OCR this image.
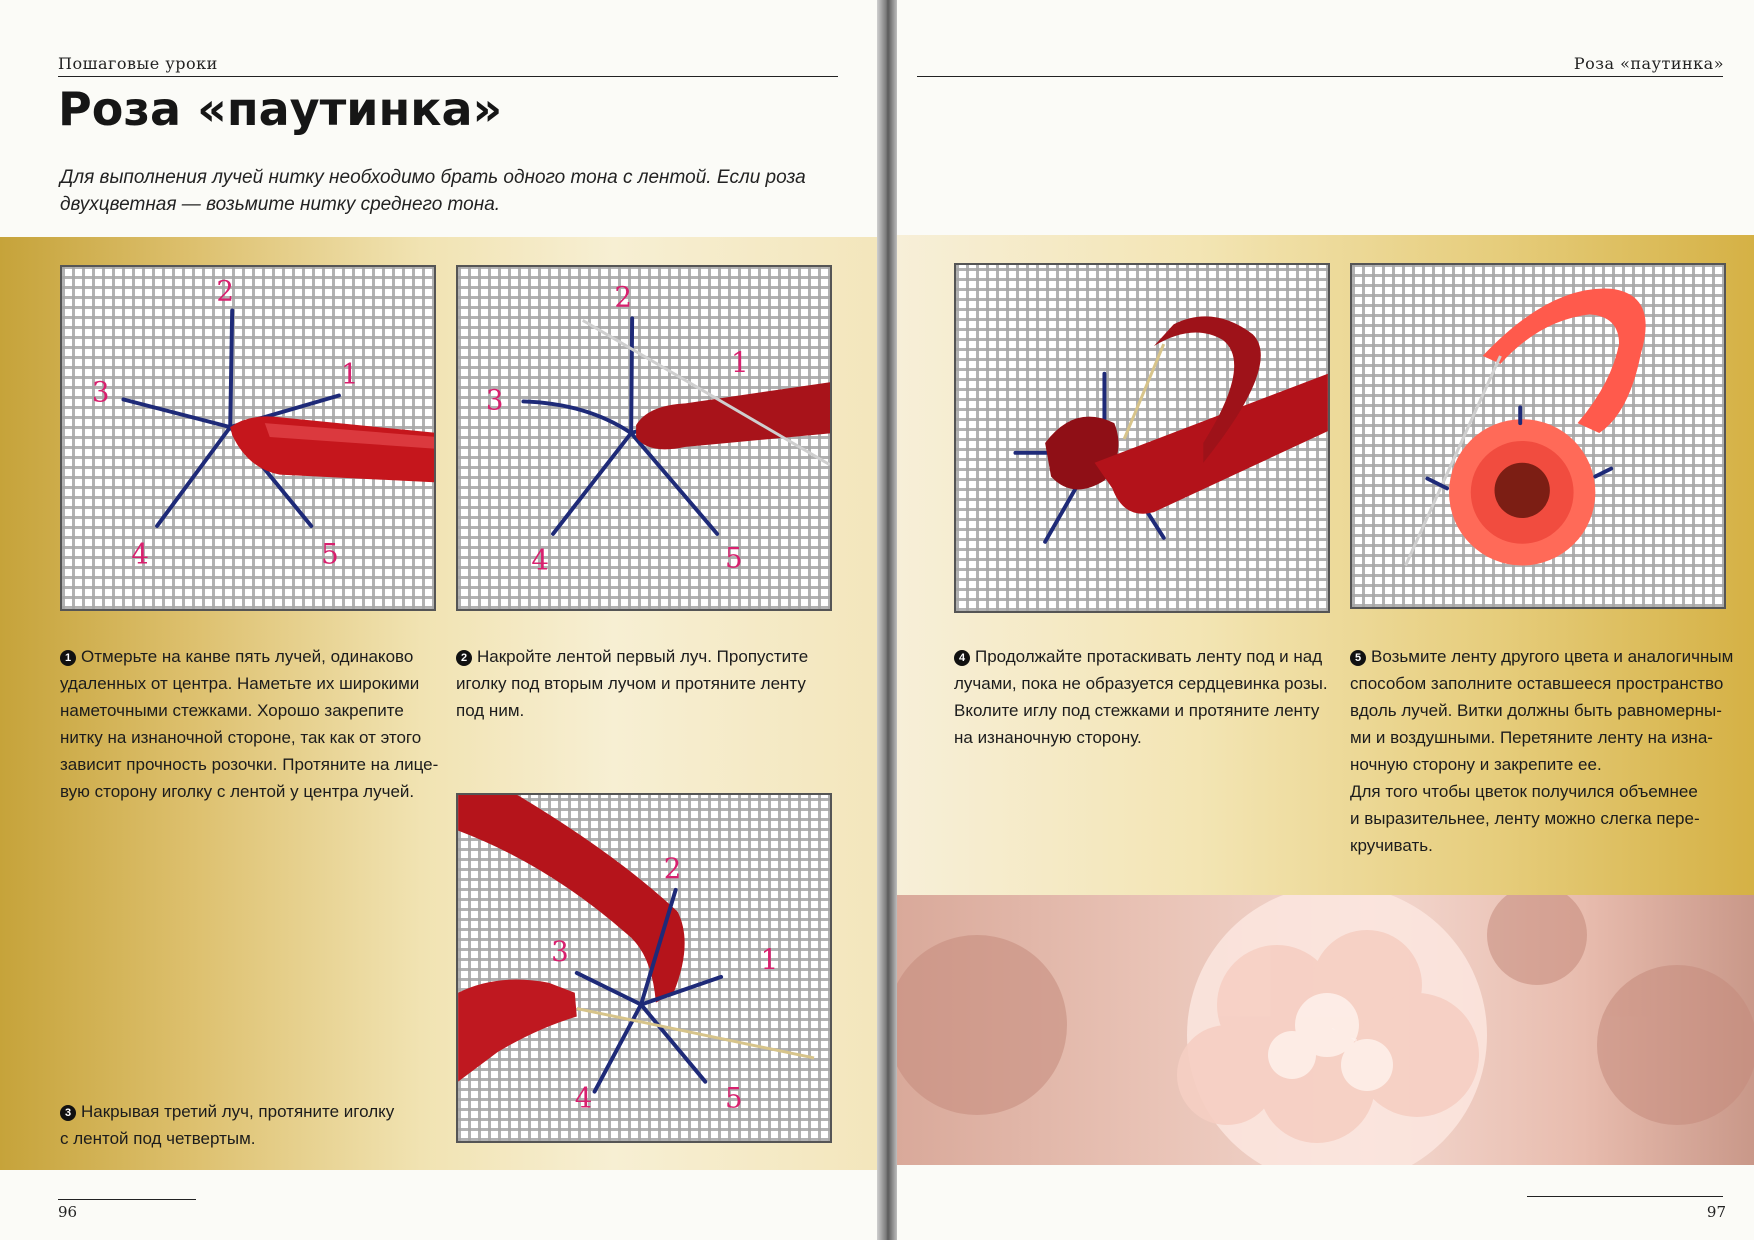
Пошаговые уроки
Роза «паутинка»

Для выполнения лучей нитку необходимо брать одного тона с лентой. Если роза
двухцветная — возьмите нитку среднего тона.

2
1
3
4	5
2
1
3
4	5
2
3	1
4	5

1 Отмерьте на канве пять лучей, одинаково
удаленных от центра. Наметьте их широкими
наметочными стежками. Хорошо закрепите
нитку на изнаночной стороне, так как от этого
зависит прочность розочки. Протяните на лице-
вую сторону иголку с лентой у центра лучей.

2 Накройте лентой первый луч. Пропустите
иголку под вторым лучом и протяните ленту
под ним.

3 Накрывая третий луч, протяните иголку
с лентой под четвертым.

96
Роза «паутинка»

4 Продолжайте протаскивать ленту под и над
лучами, пока не образуется сердцевинка розы.
Вколите иглу под стежками и протяните ленту
на изнаночную сторону.

5 Возьмите ленту другого цвета и аналогичным
способом заполните оставшееся пространство
вдоль лучей. Витки должны быть равномерны-
ми и воздушными. Перетяните ленту на изна-
ночную сторону и закрепите ее.
Для того чтобы цветок получился объемнее
и выразительнее, ленту можно слегка пере-
кручивать.

97
